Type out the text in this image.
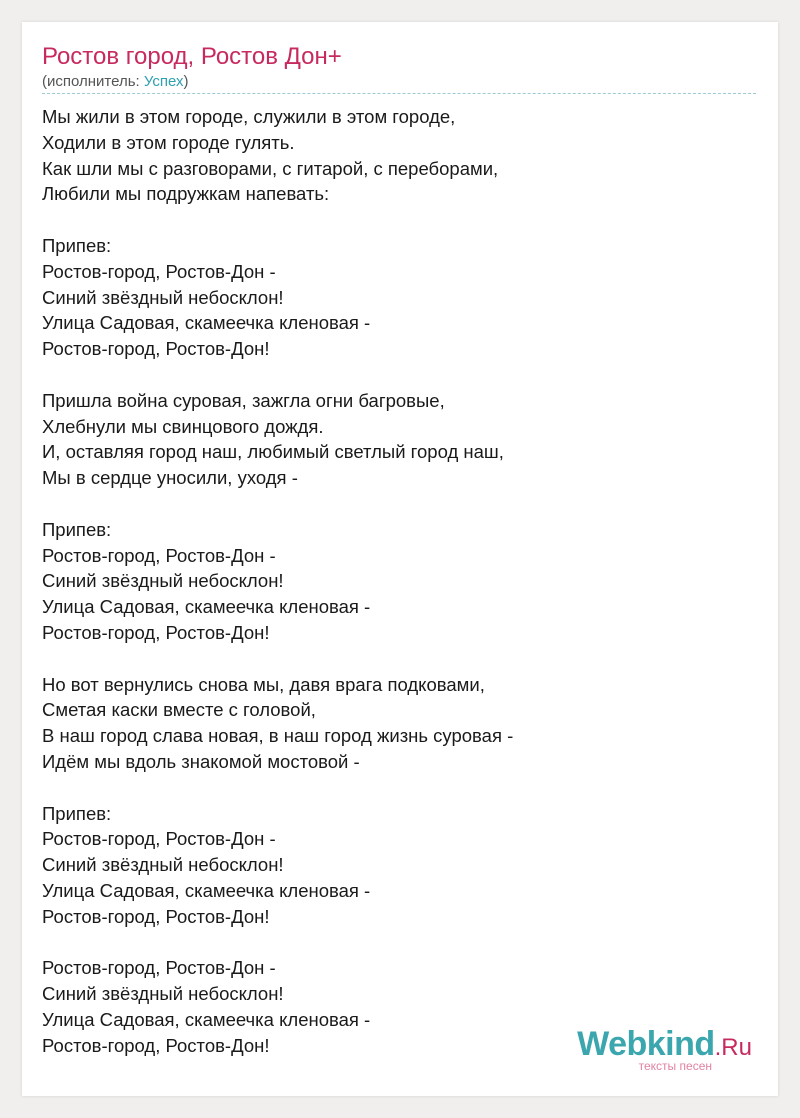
Ростов город, Ростов Дон+
(исполнитель: Успех)
Мы жили в этом городе, служили в этом городе,
Ходили в этом городе гулять.
Как шли мы с разговорами, с гитарой, с переборами,
Любили мы подружкам напевать:
Припев:
Ростов-город, Ростов-Дон -
Синий звёздный небосклон!
Улица Садовая, скамеечка кленовая -
Ростов-город, Ростов-Дон!
Пришла война суровая, зажгла огни багровые,
Хлебнули мы свинцового дождя.
И, оставляя город наш, любимый светлый город наш,
Мы в сердце уносили, уходя -
Припев:
Ростов-город, Ростов-Дон -
Синий звёздный небосклон!
Улица Садовая, скамеечка кленовая -
Ростов-город, Ростов-Дон!
Но вот вернулись снова мы, давя врага подковами,
Сметая каски вместе с головой,
В наш город слава новая, в наш город жизнь суровая -
Идём мы вдоль знакомой мостовой -
Припев:
Ростов-город, Ростов-Дон -
Синий звёздный небосклон!
Улица Садовая, скамеечка кленовая -
Ростов-город, Ростов-Дон!
Ростов-город, Ростов-Дон -
Синий звёздный небосклон!
Улица Садовая, скамеечка кленовая -
Ростов-город, Ростов-Дон!	Webkind.Ru
тексты песен
